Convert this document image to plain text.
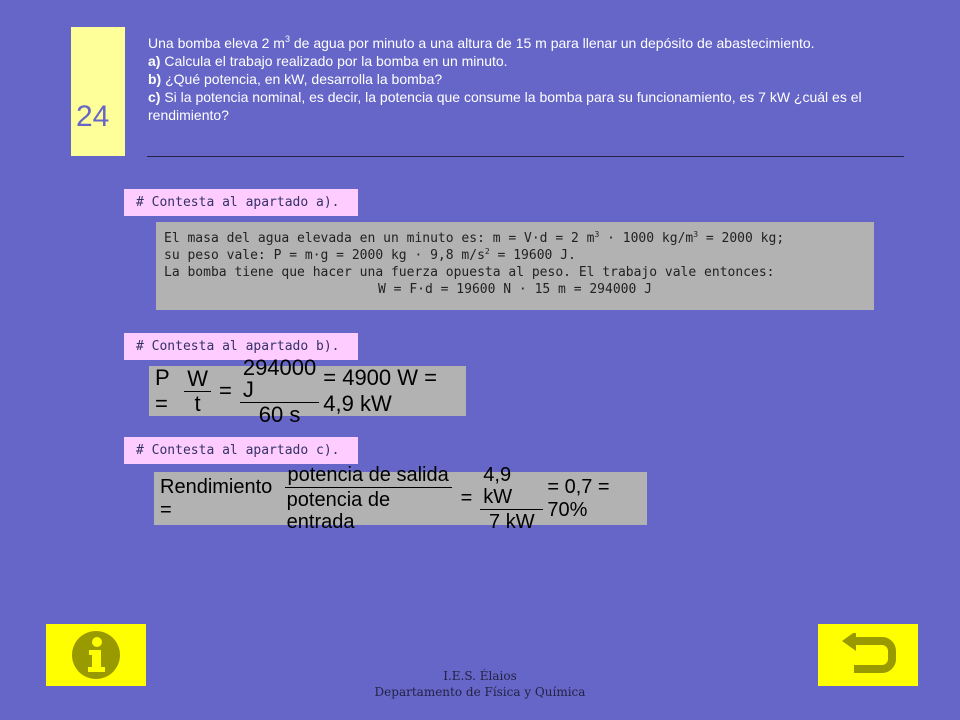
24
Una bomba eleva 2 $m^3$ de agua por minuto a una altura de 15 m para llenar un depósito de abastecimiento.
a) Calcula el trabajo realizado por la bomba en un minuto.
b) ¿Qué potencia, en kW, desarrolla la bomba?
c) Si la potencia nominal, es decir, la potencia que consume la bomba para su funcionamiento, es 7 kW ¿cuál es el rendimiento?
# Contesta al apartado a).
El masa del agua elevada en un minuto es: m = V·d = 2 $m^3 \cdot 1000$ $kg/m^3 = 2000$ kg;
su peso vale: P = m·g = 2000 kg · 9,8 $m/s^2 = 19600$ J.
La bomba tiene que hacer una fuerza opuesta al peso. El trabajo vale entonces:
W = F·d = 19600 N · 15 m = 294000 J
# Contesta al apartado b).
$P = \frac{W}{t} = \frac{294000 J}{60 s} = 4900$ W = 4,9 kW
# Contesta al apartado c).
Rendimiento =	$\frac{\text{potencia de salida}}{\text{potencia de entrada}} = \frac{4,9 kW}{7 kW} = 0,7 = 70\%$
I.E.S. Élaios
Departamento de Física y Química
